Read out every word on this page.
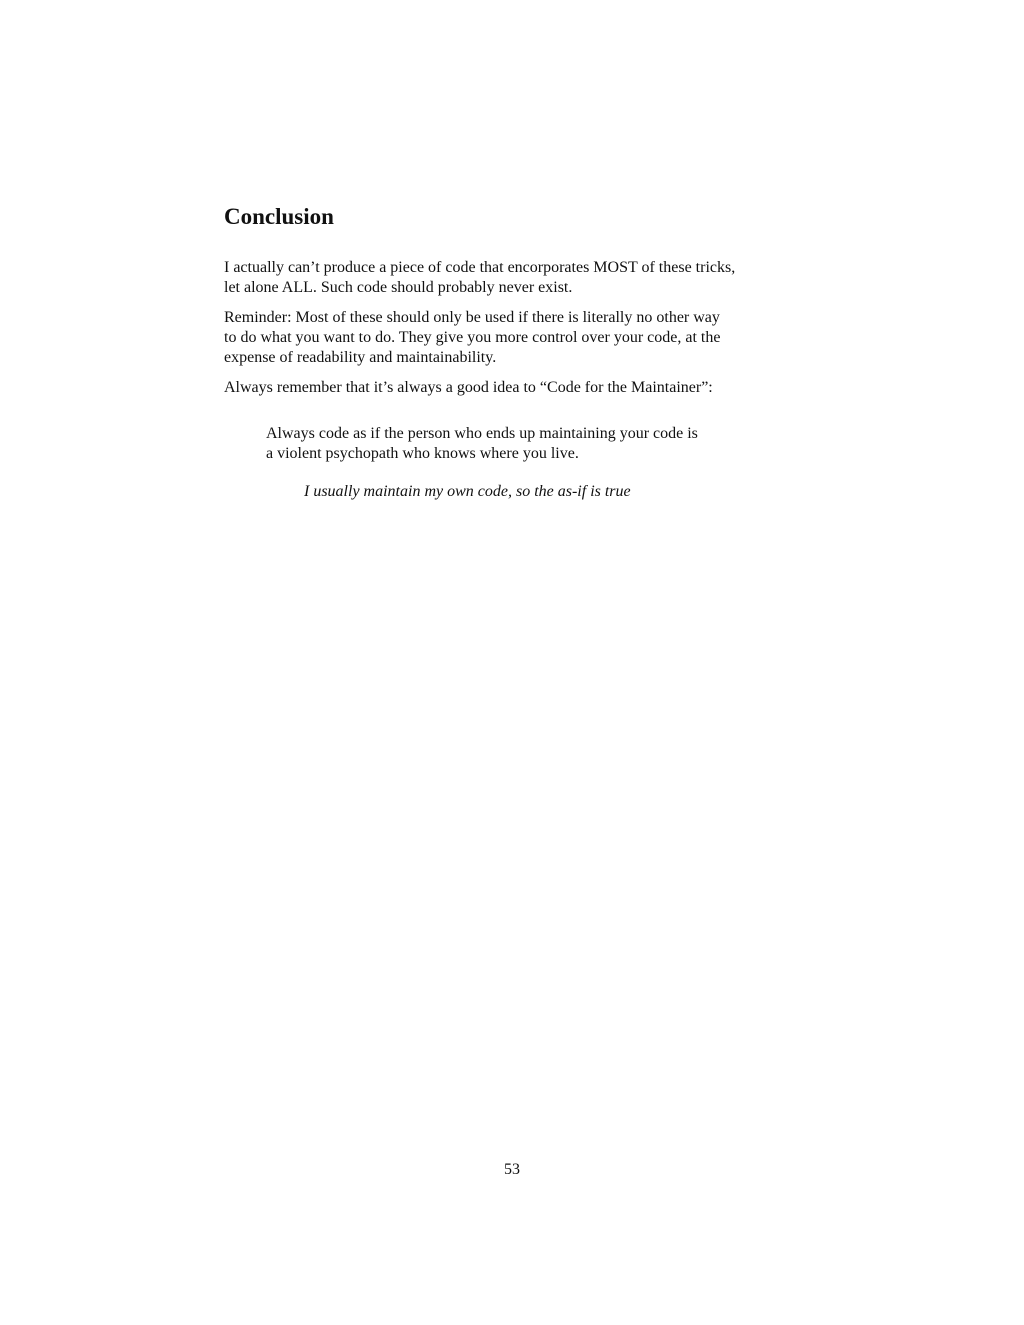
Conclusion

I actually can’t produce a piece of code that encorporates MOST of these tricks,
let alone ALL. Such code should probably never exist.

Reminder: Most of these should only be used if there is literally no other way
to do what you want to do. They give you more control over your code, at the
expense of readability and maintainability.

Always remember that it’s always a good idea to “Code for the Maintainer”:

Always code as if the person who ends up maintaining your code is
a violent psychopath who knows where you live.
I usually maintain my own code, so the as-if is true
53
